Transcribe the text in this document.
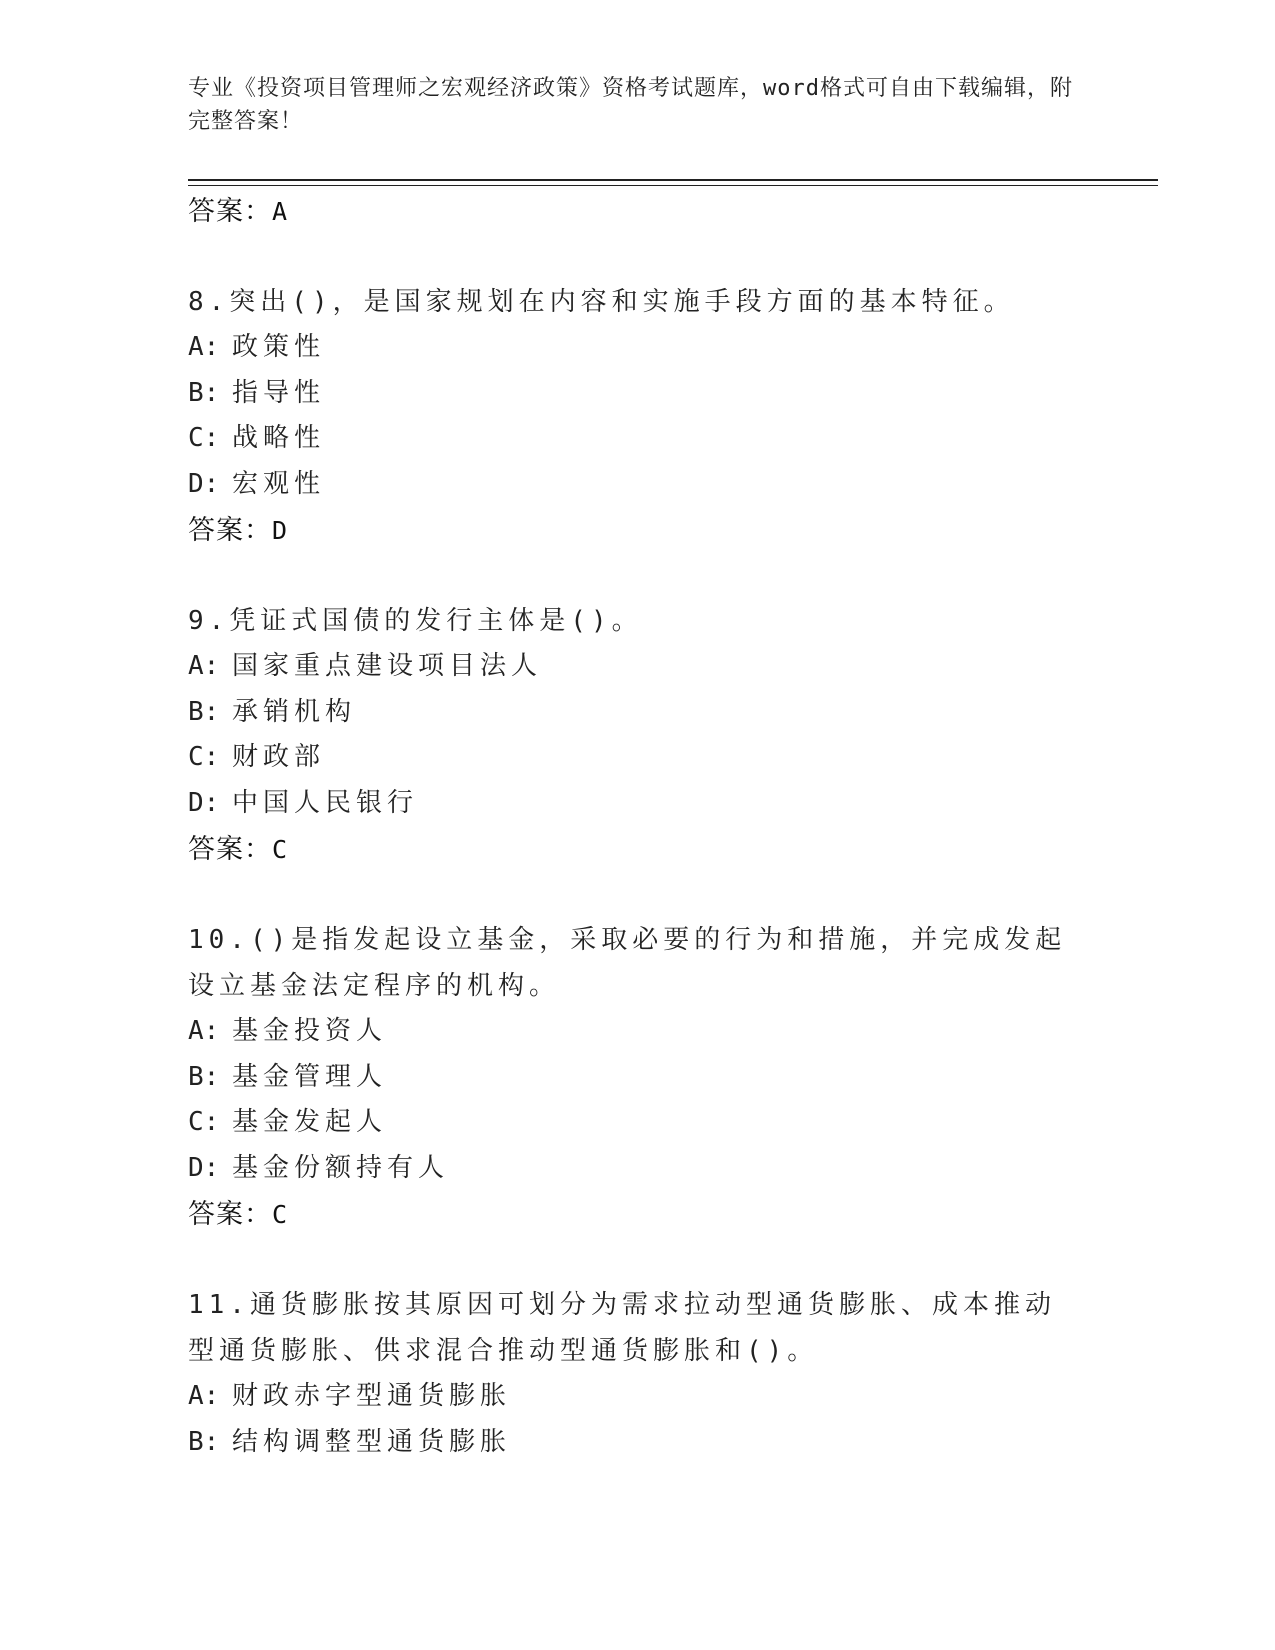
专业《投资项目管理师之宏观经济政策》资格考试题库，word格式可自由下载编辑，附完整答案！
答案：A
8.突出()，是国家规划在内容和实施手段方面的基本特征。
A: 政策性
B: 指导性
C: 战略性
D: 宏观性
答案：D
9.凭证式国债的发行主体是()。
A: 国家重点建设项目法人
B: 承销机构
C: 财政部
D: 中国人民银行
答案：C
10.()是指发起设立基金，采取必要的行为和措施，并完成发起设立基金法定程序的机构。
A: 基金投资人
B: 基金管理人
C: 基金发起人
D: 基金份额持有人
答案：C
11.通货膨胀按其原因可划分为需求拉动型通货膨胀、成本推动型通货膨胀、供求混合推动型通货膨胀和()。
A: 财政赤字型通货膨胀
B: 结构调整型通货膨胀
